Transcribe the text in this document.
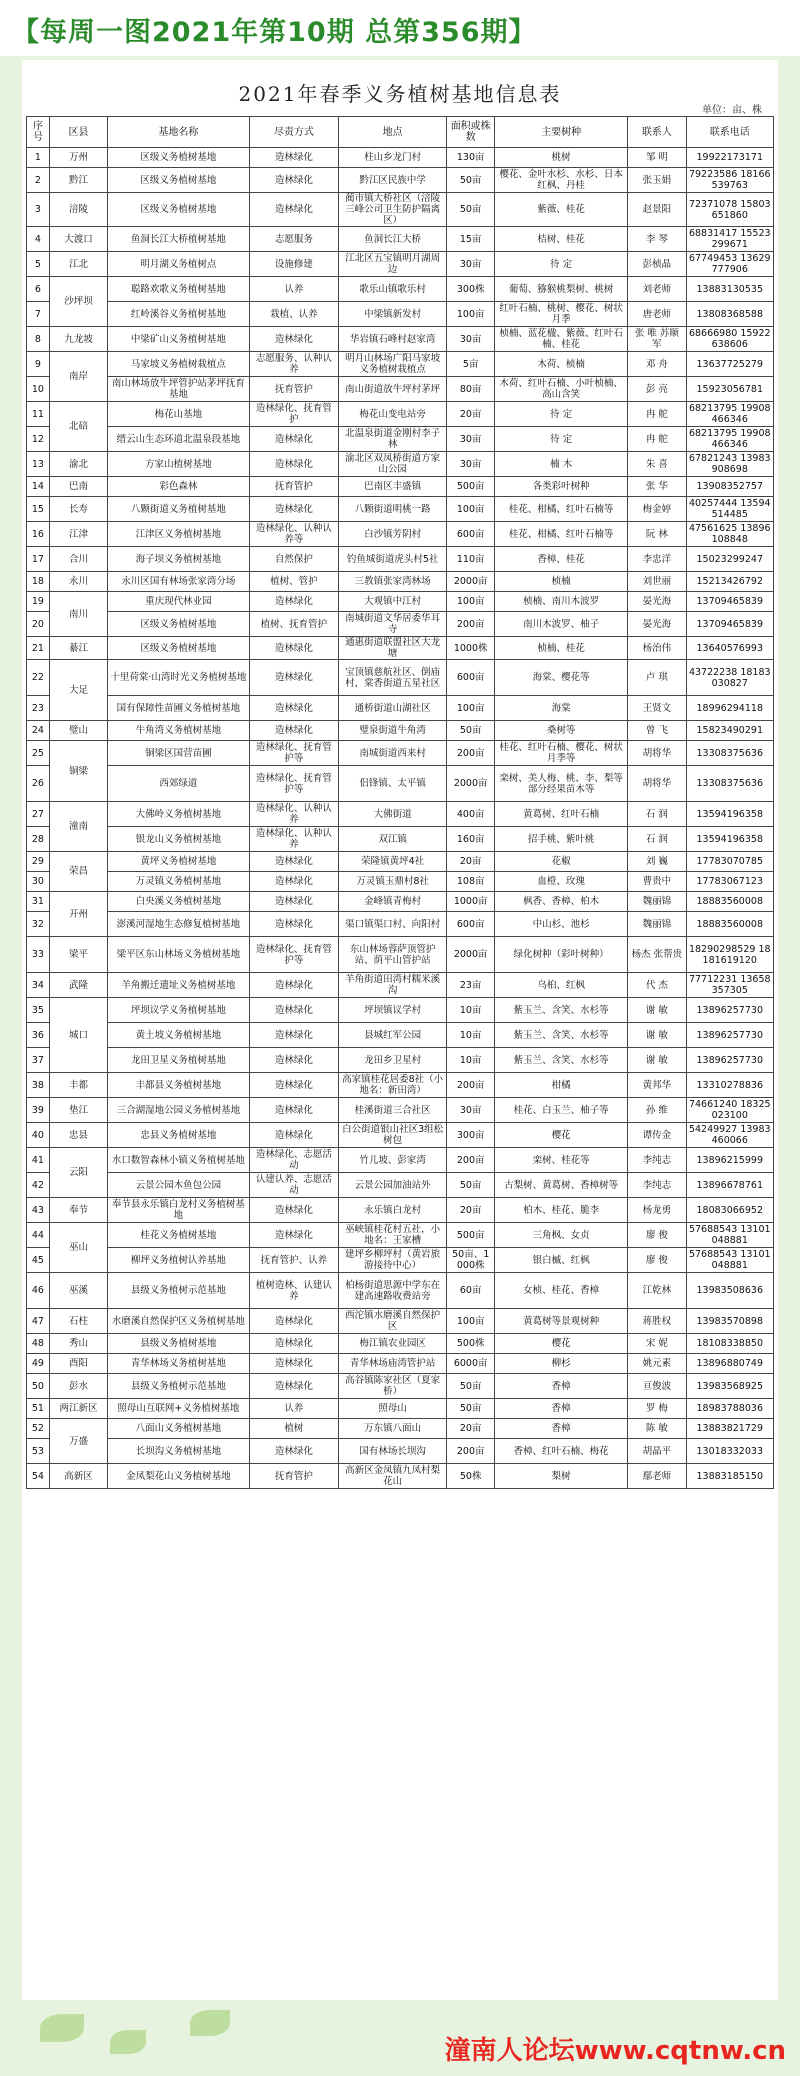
【每周一图2021年第10期 总第356期】
2021年春季义务植树基地信息表
单位：亩、株
序号	区县	基地名称	尽责方式	地点	面积或株数	主要树种	联系人	联系电话
1	万州	区级义务植树基地	造林绿化	柱山乡龙门村	130亩	桃树	邹 明	19922173171
2	黔江	区级义务植树基地	造林绿化	黔江区民族中学	50亩	樱花、金叶水杉、水杉、日本红枫、丹桂	张玉娟	79223586 18166539763
3	涪陵	区级义务植树基地	造林绿化	蔺市镇大桥社区（涪陵三峰公司卫生防护隔离区）	50亩	紫薇、桂花	赵景阳	72371078 15803651860
4	大渡口	鱼洞长江大桥植树基地	志愿服务	鱼洞长江大桥	15亩	桔树、桂花	李 琴	68831417 15523299671
5	江北	明月湖义务植树点	设施修建	江北区五宝镇明月湖周边	30亩	待 定	彭桢晶	67749453 13629777906
6	沙坪坝	聪路欢歌义务植树基地	认养	歌乐山镇歌乐村	300株	葡萄、猕猴桃梨树、桃树	刘老师	13883130535
7		红岭溪谷义务植树基地	栽植、认养	中梁镇新发村	100亩	红叶石楠、桃树、樱花、树状月季	唐老师	13808368588
8	九龙坡	中梁矿山义务植树基地	造林绿化	华岩镇石峰村赵家湾	30亩	桢楠、蓝花楹、紫薇、红叶石楠、桂花	张 唯 苏顺军	68666980 15922638606
9	南岸	马家坡义务植树栽植点	志愿服务、认种认养	明月山林场广阳马家坡义务植树栽植点	5亩	木荷、桢楠	邓 舟	13637725279
10		南山林场放牛坪管护站茅坪抚育基地	抚育管护	南山街道放牛坪村茅坪	80亩	木荷、红叶石楠、小叶桢楠、高山含笑	彭 亮	15923056781
11	北碚	梅花山基地	造林绿化、抚育管护	梅花山变电站旁	20亩	待 定	冉 舵	68213795 19908466346
12		缙云山生态环道北温泉段基地	造林绿化	北温泉街道金刚村李子林	30亩	待 定	冉 舵	68213795 19908466346
13	渝北	方家山植树基地	造林绿化	渝北区双凤桥街道方家山公园	30亩	楠 木	朱 喜	67821243 13983908698
14	巴南	彩色森林	抚育管护	巴南区丰盛镇	500亩	各类彩叶树种	张 华	13908352757
15	长寿	八颗街道义务植树基地	造林绿化	八颗街道明桃一路	100亩	桂花、柑橘、红叶石楠等	梅金婷	40257444 13594514485
16	江津	江津区义务植树基地	造林绿化、认种认养等	白沙镇芳阴村	600亩	桂花、柑橘、红叶石楠等	阮 林	47561625 13896108848
17	合川	海子坝义务植树基地	自然保护	钓鱼城街道虎头村5社	110亩	香樟、桂花	李忠洋	15023299247
18	永川	永川区国有林场张家湾分场	植树、管护	三教镇张家湾林场	2000亩	桢楠	刘世丽	15213426792
19	南川	重庆现代林业园	造林绿化	大观镇中江村	100亩	桢楠、南川木波罗	晏光海	13709465839
20		区级义务植树基地	植树、抚育管护	南城街道文华居委华耳寺	200亩	南川木波罗、柚子	晏光海	13709465839
21	綦江	区级义务植树基地	造林绿化	通惠街道联盟社区大龙塘	1000株	桢楠、桂花	杨治伟	13640576993
22	大足	十里荷棠·山湾时光义务植树基地	造林绿化	宝顶镇慈航社区、倒庙村，棠香街道五星社区	600亩	海棠、樱花等	卢 琪	43722238 18183030827
23		国有保障性苗圃义务植树基地	造林绿化	通桥街道山湖社区	100亩	海棠	王贤文	18996294118
24	璧山	牛角湾义务植树基地	造林绿化	璧泉街道牛角湾	50亩	桑树等	曾 飞	15823490291
25	铜梁	铜梁区国营苗圃	造林绿化、抚育管护等	南城街道西来村	200亩	桂花、红叶石楠、樱花、树状月季等	胡将华	13308375636
26		西郊绿道	造林绿化、抚育管护等	侣锋镇、太平镇	2000亩	栾树、美人梅、桃、李、梨等部分经果苗木等	胡将华	13308375636
27	潼南	大佛岭义务植树基地	造林绿化、认种认养	大佛街道	400亩	黄葛树、红叶石楠	石 润	13594196358
28		银龙山义务植树基地	造林绿化、认种认养	双江镇	160亩	招手桃、紫叶桃	石 润	13594196358
29	荣昌	黄坪义务植树基地	造林绿化	荣隆镇黄坪4社	20亩	花椒	刘 巍	17783070785
30		万灵镇义务植树基地	造林绿化	万灵镇玉鼎村8社	108亩	血橙、玫瑰	曹贵中	17783067123
31	开州	白央溪义务植树基地	造林绿化	金峰镇青梅村	1000亩	枫香、香樟、柏木	魏丽锦	18883560008
32		澎溪河湿地生态修复植树基地	造林绿化	渠口镇渠口村、向阳村	600亩	中山杉、池杉	魏丽锦	18883560008
33	梁平	梁平区东山林场义务植树基地	造林绿化、抚育管护等	东山林场蓉萨顶管护站、荫平山管护站	2000亩	绿化树种（彩叶树种）	杨杰 张帮贵	18290298529 18181619120
34	武隆	羊角搬迁遗址义务植树基地	造林绿化	羊角街道田湾村糯米溪沟	23亩	乌桕、红枫	代 杰	77712231 13658357305
35	城口	坪坝议学义务植树基地	造林绿化	坪坝镇议学村	10亩	紫玉兰、含笑、水杉等	谢 敏	13896257730
36		黄土坡义务植树基地	造林绿化	县城红军公园	10亩	紫玉兰、含笑、水杉等	谢 敏	13896257730
37		龙田卫星义务植树基地	造林绿化	龙田乡卫星村	10亩	紫玉兰、含笑、水杉等	谢 敏	13896257730
38	丰都	丰都县义务植树基地	造林绿化	高家镇桂花居委8社（小地名：新田湾）	200亩	柑橘	黄邦华	13310278836
39	垫江	三合湖湿地公园义务植树基地	造林绿化	桂溪街道三合社区	30亩	桂花、白玉兰、柚子等	孙 维	74661240 18325023100
40	忠县	忠县义务植树基地	造林绿化	白公街道银山社区3组松树包	300亩	樱花	谭传金	54249927 13983460066
41	云阳	水口数智森林小镇义务植树基地	造林绿化、志愿活动	竹儿坡、彭家湾	200亩	栾树、桂花等	李纯志	13896215999
42		云景公园木鱼包公园	认建认养、志愿活动	云景公园加油站外	50亩	古梨树、黄葛树、香樟树等	李纯志	13896678761
43	奉节	奉节县永乐镇白龙村义务植树基地	造林绿化	永乐镇白龙村	20亩	柏木、桂花、脆李	杨龙勇	18083066952
44	巫山	桂花义务植树基地	造林绿化	巫峡镇桂花村五社，小地名：王家槽	500亩	三角枫、女贞	廖 俊	57688543 13101048881
45		柳坪义务植树认养基地	抚育管护、认养	建坪乡柳坪村（黄岩旅游接待中心）	50亩、1000株	银白槭、红枫	廖 俊	57688543 13101048881
46	巫溪	县级义务植树示范基地	植树造林、认建认养	柏杨街道思源中学东在建高速路收费站旁	60亩	女桢、桂花、香樟	江乾林	13983508636
47	石柱	水磨溪自然保护区义务植树基地	造林绿化	西沱镇水磨溪自然保护区	100亩	黄葛树等景观树种	蒋胜权	13983570898
48	秀山	县级义务植树基地	造林绿化	梅江镇农业园区	500株	樱花	宋 妮	18108338850
49	酉阳	青华林场义务植树基地	造林绿化	青华林场庙湾管护站	6000亩	柳杉	姚元素	13896880749
50	彭水	县级义务植树示范基地	造林绿化	高谷镇陈家社区（夏家桥）	50亩	香樟	亘俊波	13983568925
51	两江新区	照母山互联网+义务植树基地	认养	照母山	50亩	香樟	罗 梅	18983788036
52	万盛	八面山义务植树基地	植树	万东镇八面山	20亩	香樟	陈 敏	13883821729
53		长坝沟义务植树基地	造林绿化	国有林场长坝沟	200亩	香樟、红叶石楠、梅花	胡晶平	13018332033
54	高新区	金凤梨花山义务植树基地	抚育管护	高新区金凤镇九凤村梨花山	50株	梨树	鄢老师	13883185150
潼南人论坛www.cqtnw.cn
